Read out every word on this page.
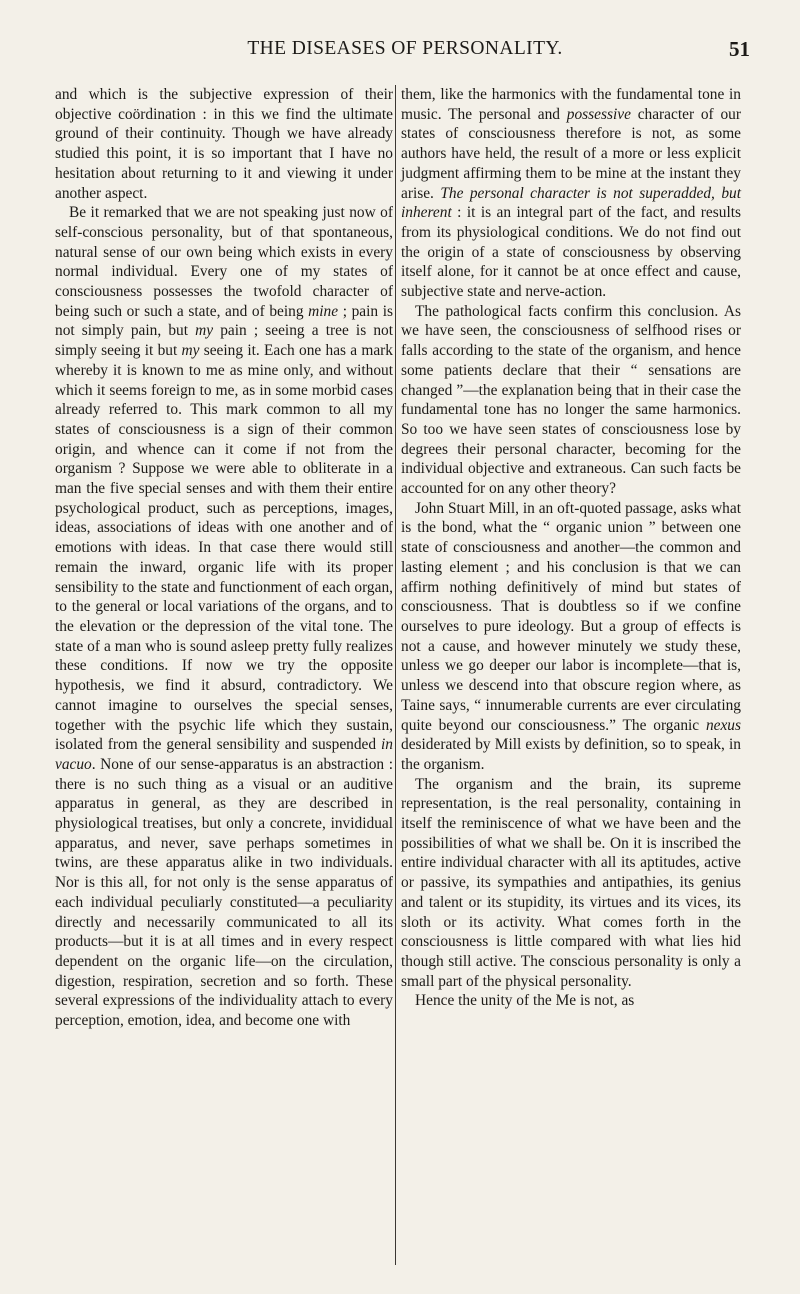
THE DISEASES OF PERSONALITY.	51

and which is the subjective expression of their objective coördination : in this we find the ultimate ground of their continuity. Though we have already studied this point, it is so important that I have no hesitation about returning to it and viewing it under another aspect.

Be it remarked that we are not speaking just now of self-conscious personality, but of that spontaneous, natural sense of our own being which exists in every normal individual. Every one of my states of consciousness possesses the twofold character of being such or such a state, and of being mine ; pain is not simply pain, but my pain ; seeing a tree is not simply seeing it but my seeing it. Each one has a mark whereby it is known to me as mine only, and without which it seems foreign to me, as in some morbid cases already referred to. This mark common to all my states of consciousness is a sign of their common origin, and whence can it come if not from the organism ? Suppose we were able to obliterate in a man the five special senses and with them their entire psychological product, such as perceptions, images, ideas, associations of ideas with one another and of emotions with ideas. In that case there would still remain the inward, organic life with its proper sensibility to the state and functionment of each organ, to the general or local variations of the organs, and to the elevation or the depression of the vital tone. The state of a man who is sound asleep pretty fully realizes these conditions. If now we try the opposite hypothesis, we find it absurd, contradictory. We cannot imagine to ourselves the special senses, together with the psychic life which they sustain, isolated from the general sensibility and suspended in vacuo. None of our sense-apparatus is an abstraction : there is no such thing as a visual or an auditive apparatus in general, as they are described in physiological treatises, but only a concrete, invididual apparatus, and never, save perhaps sometimes in twins, are these apparatus alike in two individuals. Nor is this all, for not only is the sense apparatus of each individual peculiarly constituted—a peculiarity directly and necessarily communicated to all its products—but it is at all times and in every respect dependent on the organic life—on the circulation, digestion, respiration, secretion and so forth. These several expressions of the individuality attach to every perception, emotion, idea, and become one with

them, like the harmonics with the fundamental tone in music. The personal and possessive character of our states of consciousness therefore is not, as some authors have held, the result of a more or less explicit judgment affirming them to be mine at the instant they arise. The personal character is not superadded, but inherent : it is an integral part of the fact, and results from its physiological conditions. We do not find out the origin of a state of consciousness by observing itself alone, for it cannot be at once effect and cause, subjective state and nerve-action.

The pathological facts confirm this conclusion. As we have seen, the consciousness of selfhood rises or falls according to the state of the organism, and hence some patients declare that their “ sensations are changed ”—the explanation being that in their case the fundamental tone has no longer the same harmonics. So too we have seen states of consciousness lose by degrees their personal character, becoming for the individual objective and extraneous. Can such facts be accounted for on any other theory?

John Stuart Mill, in an oft-quoted passage, asks what is the bond, what the “ organic union ” between one state of consciousness and another—the common and lasting element ; and his conclusion is that we can affirm nothing definitively of mind but states of consciousness. That is doubtless so if we confine ourselves to pure ideology. But a group of effects is not a cause, and however minutely we study these, unless we go deeper our labor is incomplete—that is, unless we descend into that obscure region where, as Taine says, “ innumerable currents are ever circulating quite beyond our consciousness.” The organic nexus desiderated by Mill exists by definition, so to speak, in the organism.

The organism and the brain, its supreme representation, is the real personality, containing in itself the reminiscence of what we have been and the possibilities of what we shall be. On it is inscribed the entire individual character with all its aptitudes, active or passive, its sympathies and antipathies, its genius and talent or its stupidity, its virtues and its vices, its sloth or its activity. What comes forth in the consciousness is little compared with what lies hid though still active. The conscious personality is only a small part of the physical personality.

Hence the unity of the Me is not, as
